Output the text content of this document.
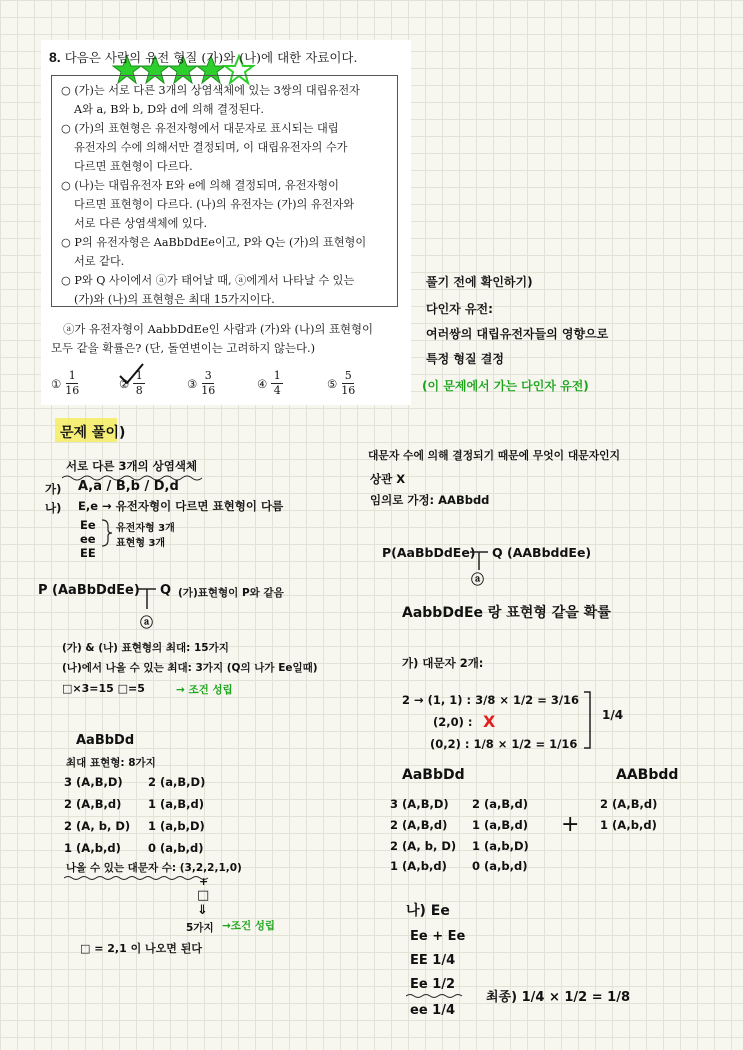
8. 다음은 사람의 유전 형질 (가)와 (나)에 대한 자료이다.
○ (가)는 서로 다른 3개의 상염색체에 있는 3쌍의 대립유전자
A와 a, B와 b, D와 d에 의해 결정된다.
○ (가)의 표현형은 유전자형에서 대문자로 표시되는 대립
유전자의 수에 의해서만 결정되며, 이 대립유전자의 수가
다르면 표현형이 다르다.
○ (나)는 대립유전자 E와 e에 의해 결정되며, 유전자형이
다르면 표현형이 다르다. (나)의 유전자는 (가)의 유전자와
서로 다른 상염색체에 있다.
○ P의 유전자형은 AaBbDdEe이고, P와 Q는 (가)의 표현형이
서로 같다.
○ P와 Q 사이에서 ⓐ가 태어날 때, ⓐ에게서 나타날 수 있는
(가)와 (나)의 표현형은 최대 15가지이다.
ⓐ가 유전자형이 AabbDdEe인 사람과 (가)와 (나)의 표현형이
모두 같을 확률은? (단, 돌연변이는 고려하지 않는다.)
① $\frac{1}{16}$	② $\frac{1}{8}$	③ $\frac{3}{16}$	④ $\frac{1}{4}$	⑤ $\frac{5}{16}$
풀기 전에 확인하기)
다인자 유전:
여러쌍의 대립유전자들의 영향으로
특정 형질 결정
(이 문제에서 가는 다인자 유전)
문제 풀이)
서로 다른 3개의 상염색체
가) A,a / B,b / D,d
나) E,e → 유전자형이 다르면 표현형이 다름
Ee
ee
EE
유전자형 3개
표현형 3개
P (AaBbDdEe) Q (가)표현형이 P와 같음
ⓐ
(가) & (나) 표현형의 최대: 15가지
(나)에서 나올 수 있는 최대: 3가지 (Q의 나가 Ee일때)
□×3=15 □=5	→ 조건 성립
AaBbDd
최대 표현형: 8가지
3 (A,B,D) 2 (a,B,D)
2 (A,B,d) 1 (a,B,d)
2 (A, b, D) 1 (a,b,D)
1 (A,b,d) 0 (a,b,d)
나올 수 있는 대문자 수: (3,2,2,1,0)
+
□
⇓
5가지 →조건 성립
□ = 2,1 이 나오면 된다
대문자 수에 의해 결정되기 때문에 무엇이 대문자인지
상관 X
임의로 가정: AABbdd
P(AaBbDdEe) Q (AABbddEe)
ⓐ
AabbDdEe 랑 표현형 같을 확률
가) 대문자 2개:
2 → (1, 1) : 3/8 × 1/2 = 3/16
(2,0) : X
(0,2) : 1/8 × 1/2 = 1/16
1/4
AaBbDd	AABbdd
3 (A,B,D) 2 (a,B,d)
2 (A,B,d) 1 (a,B,d)
2 (A, b, D) 1 (a,b,D)
1 (A,b,d) 0 (a,b,d)
+
2 (A,B,d)
1 (A,b,d)
나) Ee
Ee + Ee
EE 1/4
Ee 1/2
ee 1/4
최종) 1/4 × 1/2 = 1/8
